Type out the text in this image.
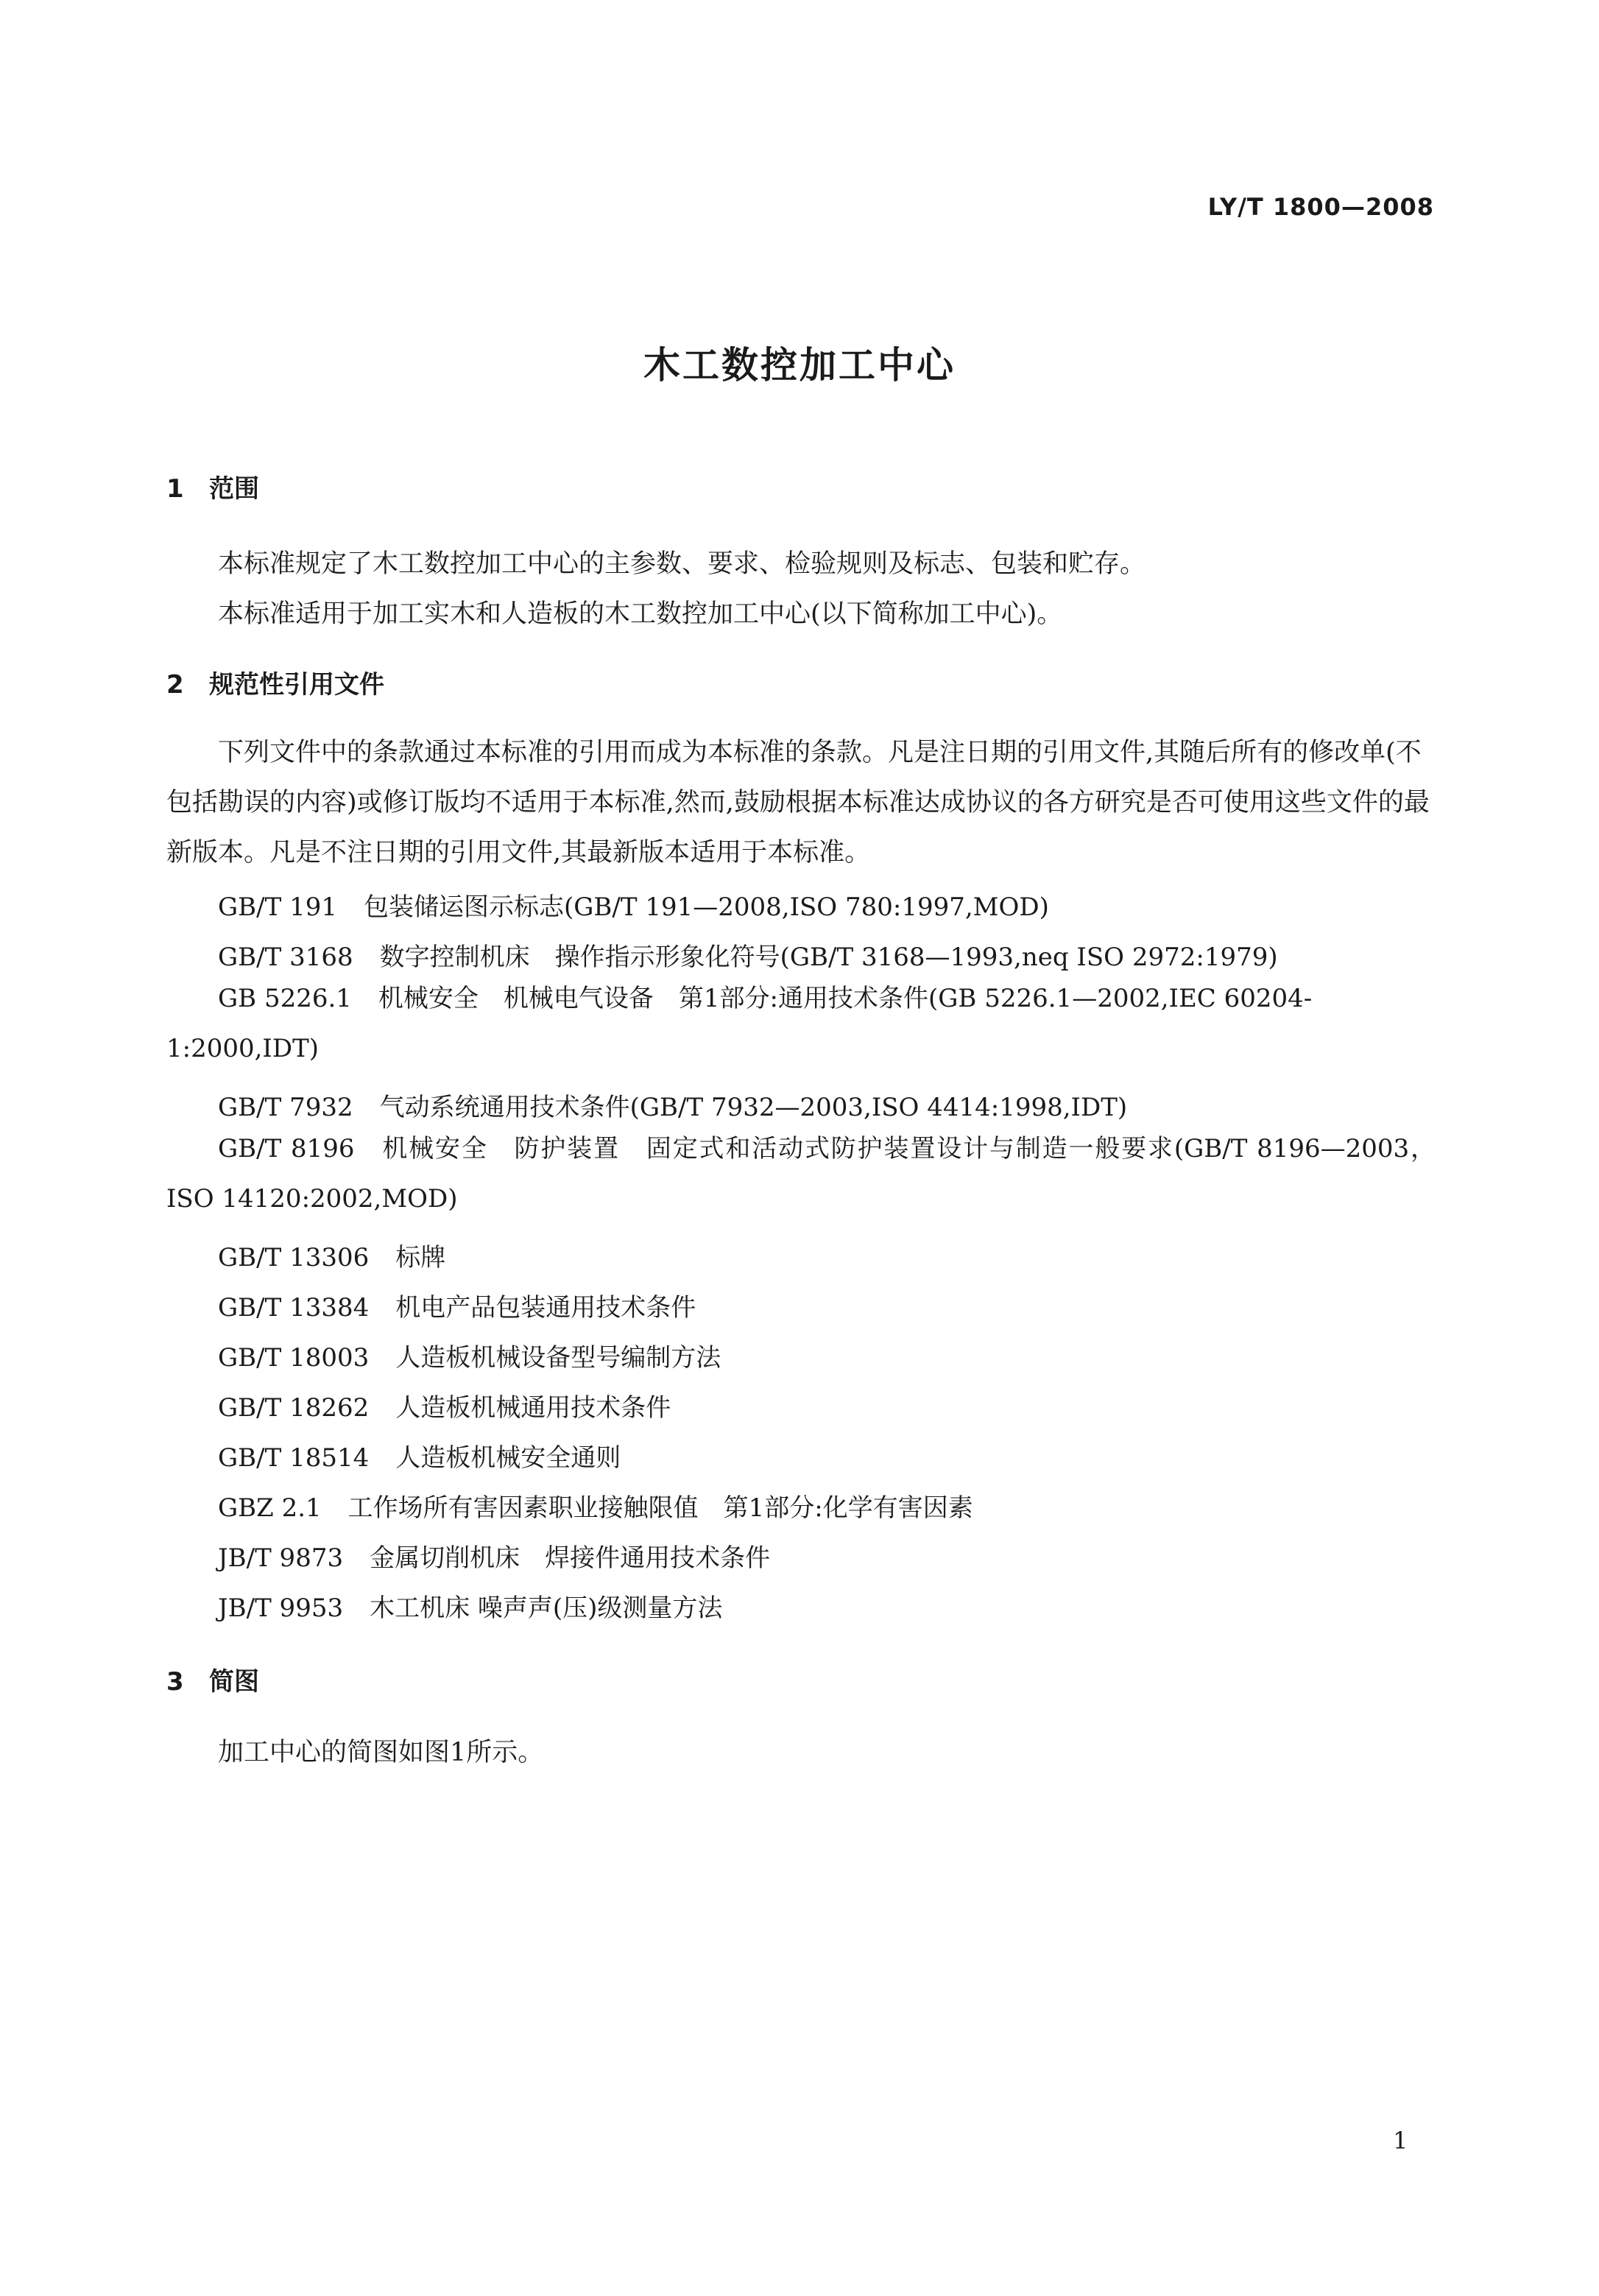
LY/T 1800—2008
木工数控加工中心
1 范围
本标准规定了木工数控加工中心的主参数、要求、检验规则及标志、包装和贮存。
本标准适用于加工实木和人造板的木工数控加工中心(以下简称加工中心)。
2 规范性引用文件
下列文件中的条款通过本标准的引用而成为本标准的条款。凡是注日期的引用文件,其随后所有的修改单(不包括勘误的内容)或修订版均不适用于本标准,然而,鼓励根据本标准达成协议的各方研究是否可使用这些文件的最新版本。凡是不注日期的引用文件,其最新版本适用于本标准。
GB/T 191 包装储运图示标志(GB/T 191—2008,ISO 780:1997,MOD)
GB/T 3168 数字控制机床　操作指示形象化符号(GB/T 3168—1993,neq ISO 2972:1979)
GB 5226.1 机械安全　机械电气设备　第1部分:通用技术条件(GB 5226.1—2002,IEC 60204-1:2000,IDT)
GB/T 7932 气动系统通用技术条件(GB/T 7932—2003,ISO 4414:1998,IDT)
GB/T 8196 机械安全　防护装置　固定式和活动式防护装置设计与制造一般要求(GB/T 8196—2003，ISO 14120:2002,MOD)
GB/T 13306 标牌
GB/T 13384 机电产品包装通用技术条件
GB/T 18003 人造板机械设备型号编制方法
GB/T 18262 人造板机械通用技术条件
GB/T 18514 人造板机械安全通则
GBZ 2.1 工作场所有害因素职业接触限值　第1部分:化学有害因素
JB/T 9873 金属切削机床　焊接件通用技术条件
JB/T 9953 木工机床 噪声声(压)级测量方法
3 简图
加工中心的简图如图1所示。
1
